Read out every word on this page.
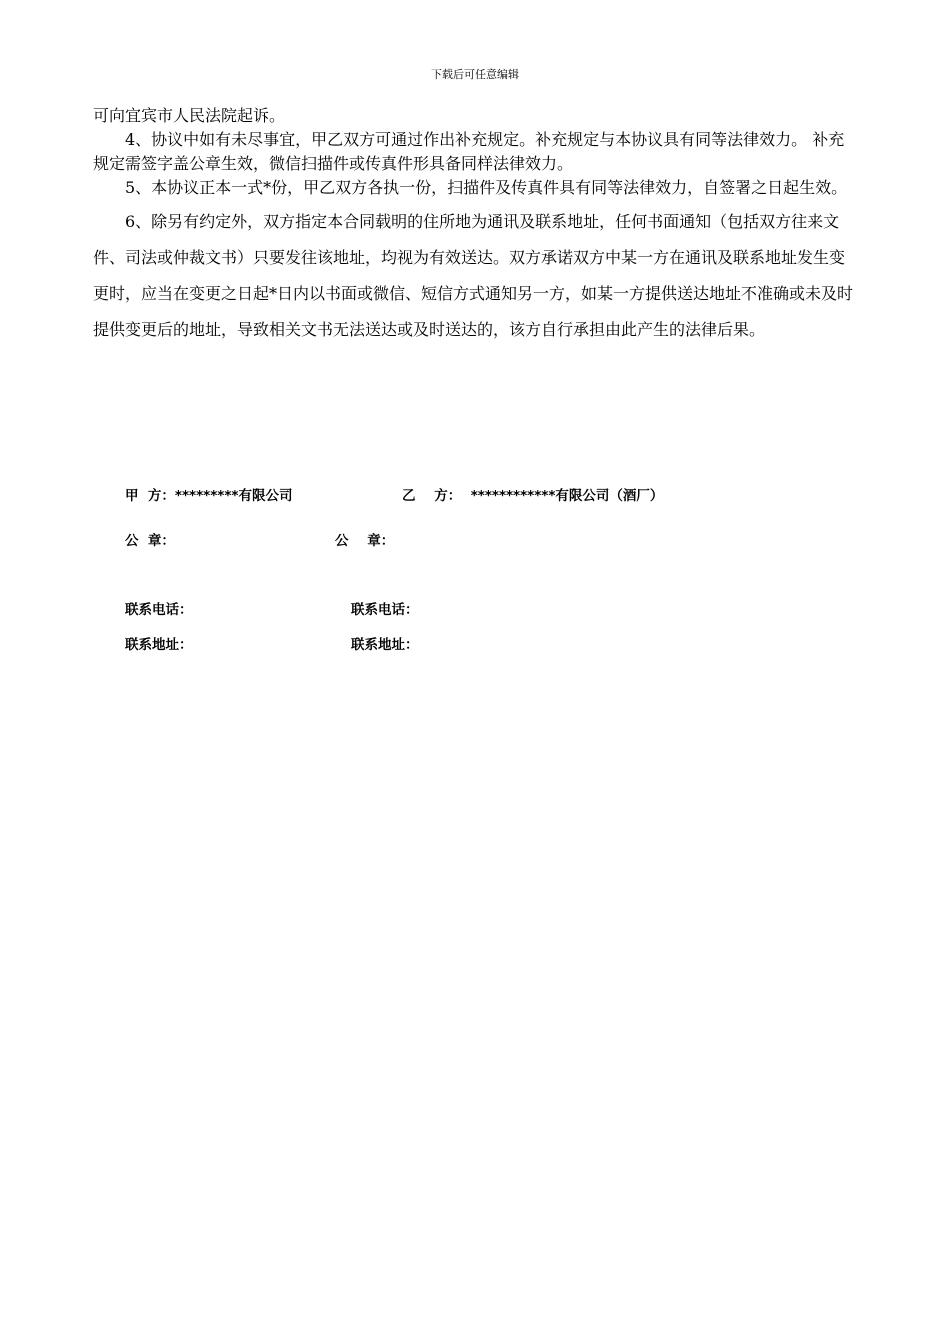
下载后可任意编辑

可向宜宾市人民法院起诉。

4、协议中如有未尽事宜，甲乙双方可通过作出补充规定。补充规定与本协议具有同等法律效力。 补充规定需签字盖公章生效，微信扫描件或传真件形具备同样法律效力。

5、本协议正本一式*份，甲乙双方各执一份，扫描件及传真件具有同等法律效力，自签署之日起生效。

6、除另有约定外，双方指定本合同载明的住所地为通讯及联系地址，任何书面通知（包括双方往来文件、司法或仲裁文书）只要发往该地址，均视为有效送达。双方承诺双方中某一方在通讯及联系地址发生变更时，应当在变更之日起*日内以书面或微信、短信方式通知另一方，如某一方提供送达地址不准确或未及时提供变更后的地址，导致相关文书无法送达或及时送达的，该方自行承担由此产生的法律后果。

甲  方：*********有限公司	乙    方：  ************有限公司（酒厂）
公  章：	公    章：
联系电话：	联系电话：
联系地址：	联系地址：
